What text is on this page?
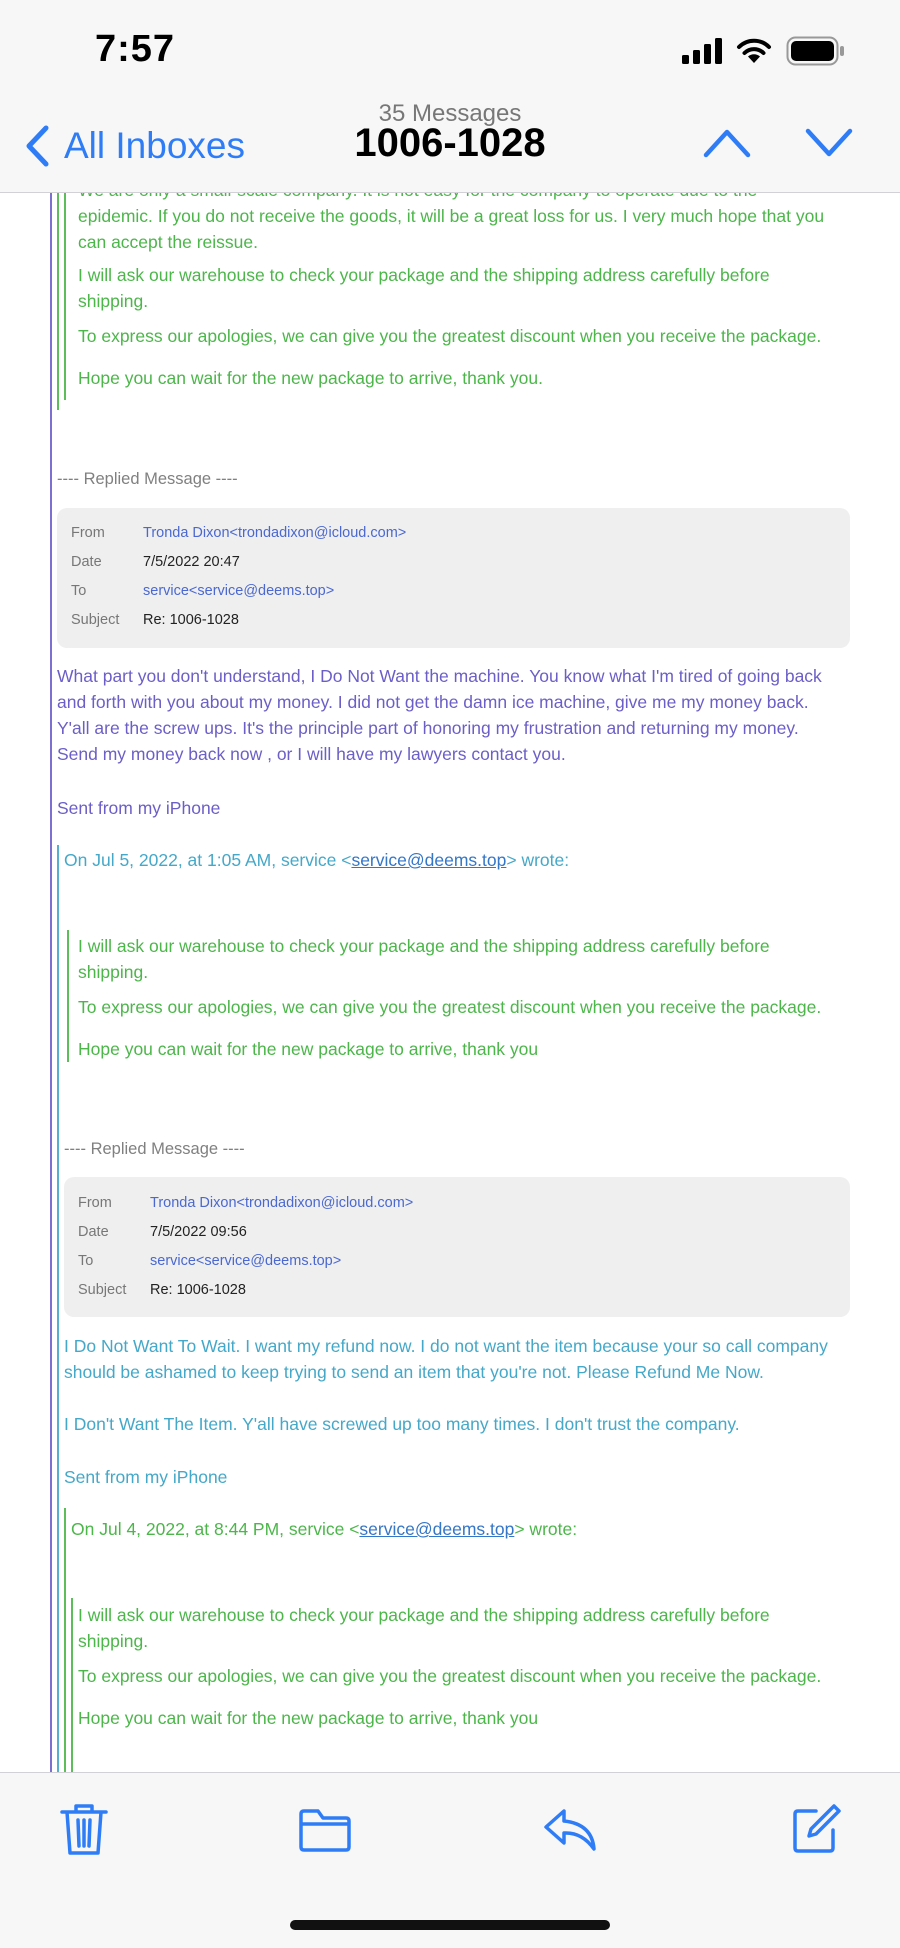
epidemic. If you do not receive the goods, it will be a great loss for us. I very much hope that you
can accept the reissue.
I will ask our warehouse to check your package and the shipping address carefully before
shipping.
To express our apologies, we can give you the greatest discount when you receive the package.
Hope you can wait for the new package to arrive, thank you.
---- Replied Message ----
From	Tronda Dixon<trondadixon@icloud.com>
Date	7/5/2022 20:47
To	service<service@deems.top>
Subject Re: 1006-1028
What part you don't understand, I Do Not Want the machine. You know what I'm tired of going back
and forth with you about my money. I did not get the damn ice machine, give me my money back.
Y'all are the screw ups. It's the principle part of honoring my frustration and returning my money.
Send my money back now , or I will have my lawyers contact you.
Sent from my iPhone
On Jul 5, 2022, at 1:05 AM, service <service@deems.top> wrote:
I will ask our warehouse to check your package and the shipping address carefully before
shipping.
To express our apologies, we can give you the greatest discount when you receive the package.
Hope you can wait for the new package to arrive, thank you
---- Replied Message ----
From	Tronda Dixon<trondadixon@icloud.com>
Date	7/5/2022 09:56
To	service<service@deems.top>
Subject Re: 1006-1028
I Do Not Want To Wait. I want my refund now. I do not want the item because your so call company
should be ashamed to keep trying to send an item that you're not. Please Refund Me Now.
I Don't Want The Item. Y'all have screwed up too many times. I don't trust the company.
Sent from my iPhone
On Jul 4, 2022, at 8:44 PM, service <service@deems.top> wrote:
I will ask our warehouse to check your package and the shipping address carefully before
shipping.
To express our apologies, we can give you the greatest discount when you receive the package.
Hope you can wait for the new package to arrive, thank you
7:57
All Inboxes
35 Messages
1006-1028
